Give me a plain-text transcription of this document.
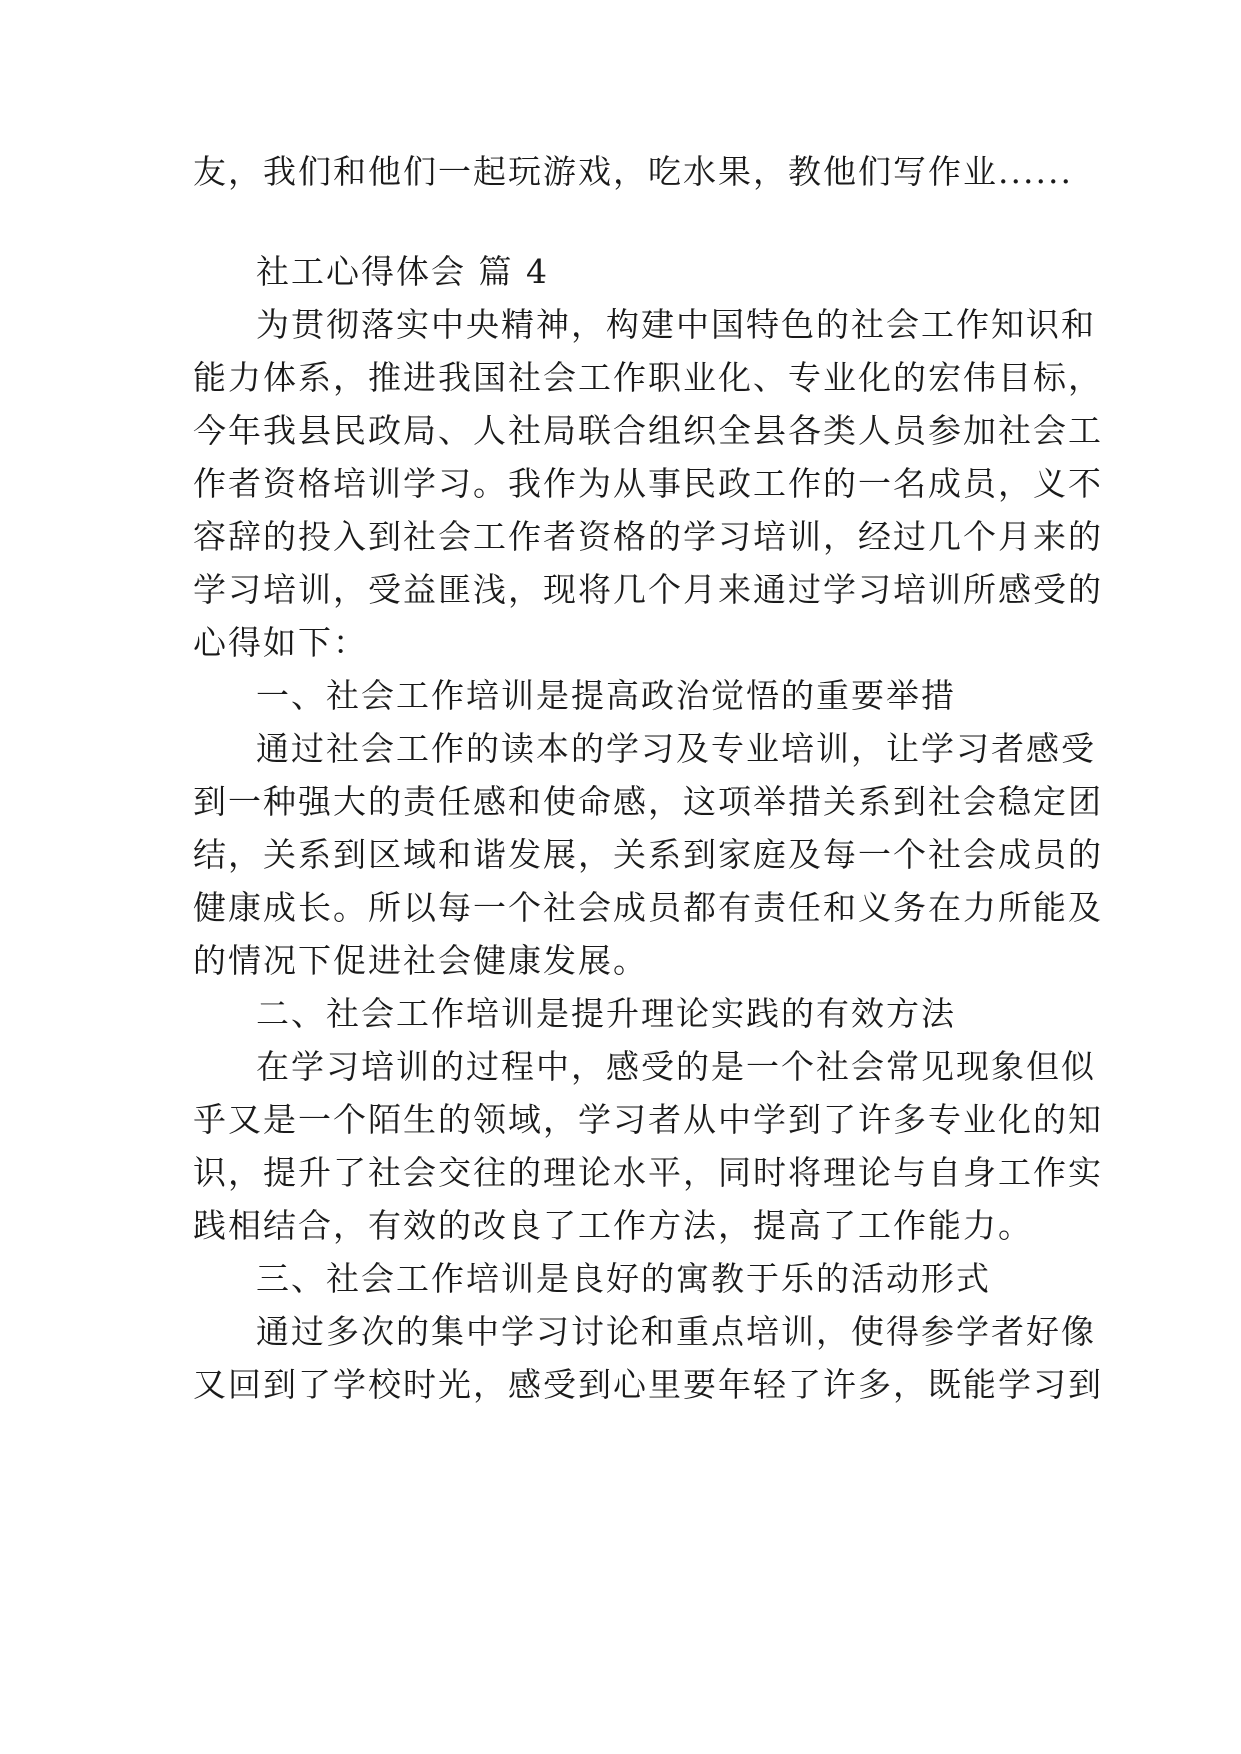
友，我们和他们一起玩游戏，吃水果，教他们写作业......
社工心得体会 篇 4
为贯彻落实中央精神，构建中国特色的社会工作知识和
能力体系，推进我国社会工作职业化、专业化的宏伟目标，
今年我县民政局、人社局联合组织全县各类人员参加社会工
作者资格培训学习。我作为从事民政工作的一名成员，义不
容辞的投入到社会工作者资格的学习培训，经过几个月来的
学习培训，受益匪浅，现将几个月来通过学习培训所感受的
心得如下：
一、社会工作培训是提高政治觉悟的重要举措
通过社会工作的读本的学习及专业培训，让学习者感受
到一种强大的责任感和使命感，这项举措关系到社会稳定团
结，关系到区域和谐发展，关系到家庭及每一个社会成员的
健康成长。所以每一个社会成员都有责任和义务在力所能及
的情况下促进社会健康发展。
二、社会工作培训是提升理论实践的有效方法
在学习培训的过程中，感受的是一个社会常见现象但似
乎又是一个陌生的领域，学习者从中学到了许多专业化的知
识，提升了社会交往的理论水平，同时将理论与自身工作实
践相结合，有效的改良了工作方法，提高了工作能力。
三、社会工作培训是良好的寓教于乐的活动形式
通过多次的集中学习讨论和重点培训，使得参学者好像
又回到了学校时光，感受到心里要年轻了许多，既能学习到
